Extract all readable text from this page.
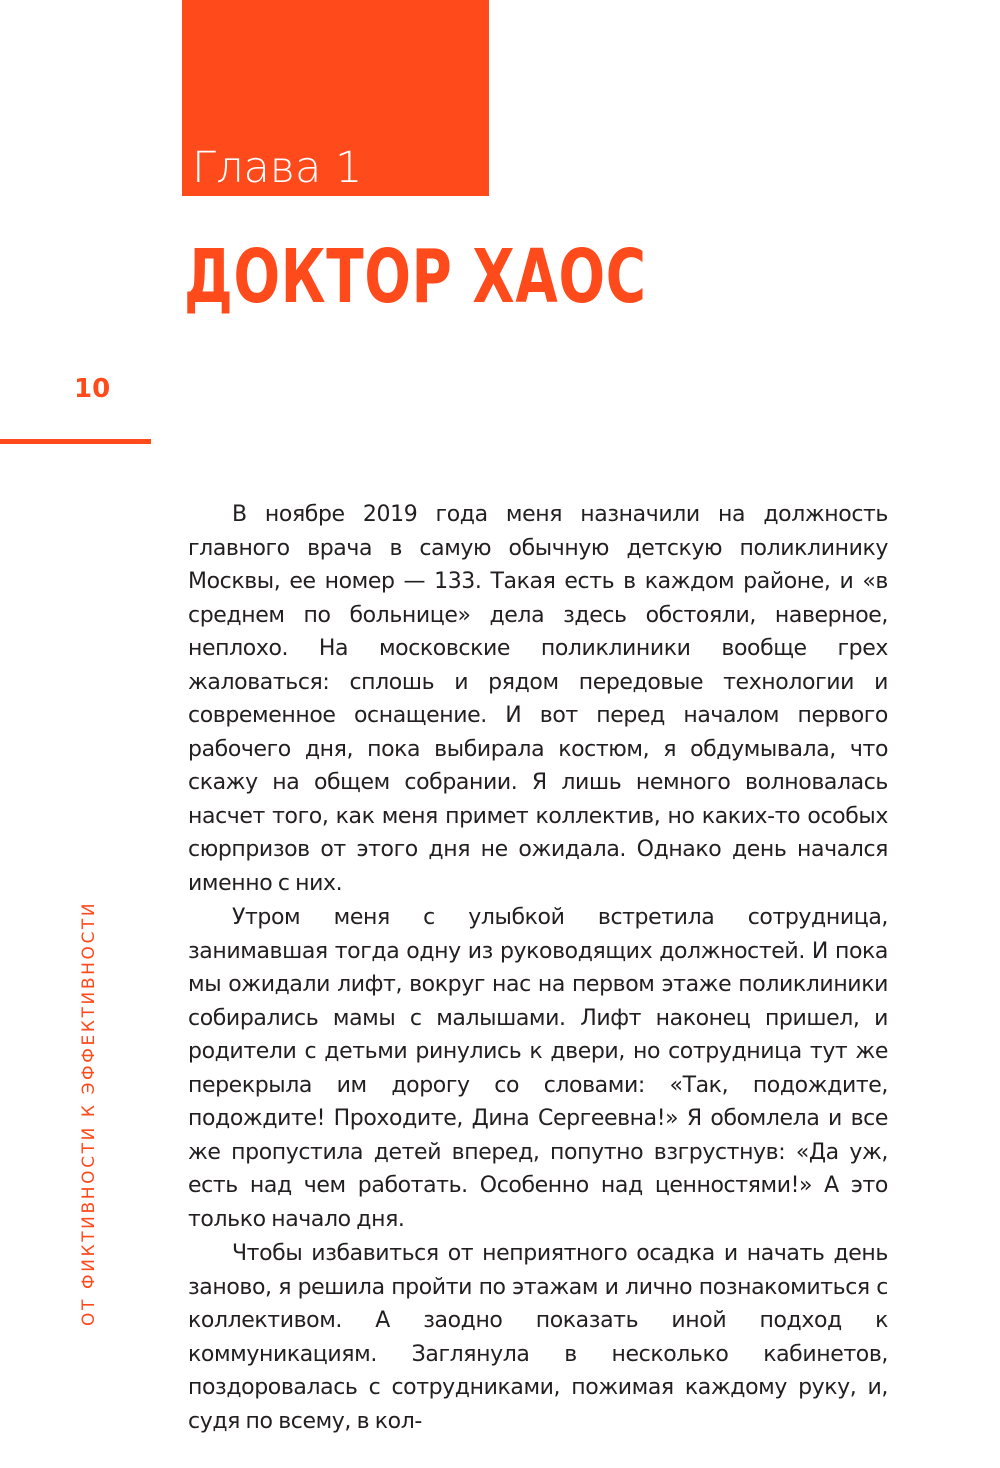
Глава 1
ДОКТОР ХАОС
10
ОТ ФИКТИВНОСТИ К ЭФФЕКТИВНОСТИ

В ноябре 2019 года меня назначили на должность главного врача в самую обычную детскую поликлинику Москвы, ее номер — 133. Такая есть в каждом районе, и «в среднем по больнице» дела здесь обстояли, наверное, неплохо. На московские поликлиники вообще грех жаловаться: сплошь и рядом передовые технологии и современное оснащение. И вот перед началом первого рабочего дня, пока выбирала костюм, я обдумывала, что скажу на общем собрании. Я лишь немного волновалась насчет того, как меня примет коллектив, но каких-то особых сюрпризов от этого дня не ожидала. Однако день начался именно с них.

Утром меня с улыбкой встретила сотрудница, занимавшая тогда одну из руководящих должностей. И пока мы ожидали лифт, вокруг нас на первом этаже поликлиники собирались мамы с малышами. Лифт наконец пришел, и родители с детьми ринулись к двери, но сотрудница тут же перекрыла им дорогу со словами: «Так, подождите, подождите! Проходите, Дина Сергеевна!» Я обомлела и все же пропустила детей вперед, попутно взгрустнув: «Да уж, есть над чем работать. Особенно над ценностями!» А это только начало дня.

Чтобы избавиться от неприятного осадка и начать день заново, я решила пройти по этажам и лично познакомиться с коллективом. А заодно показать иной подход к коммуникациям. Заглянула в несколько кабинетов, поздоровалась с сотрудниками, пожимая каждому руку, и, судя по всему, в кол-
